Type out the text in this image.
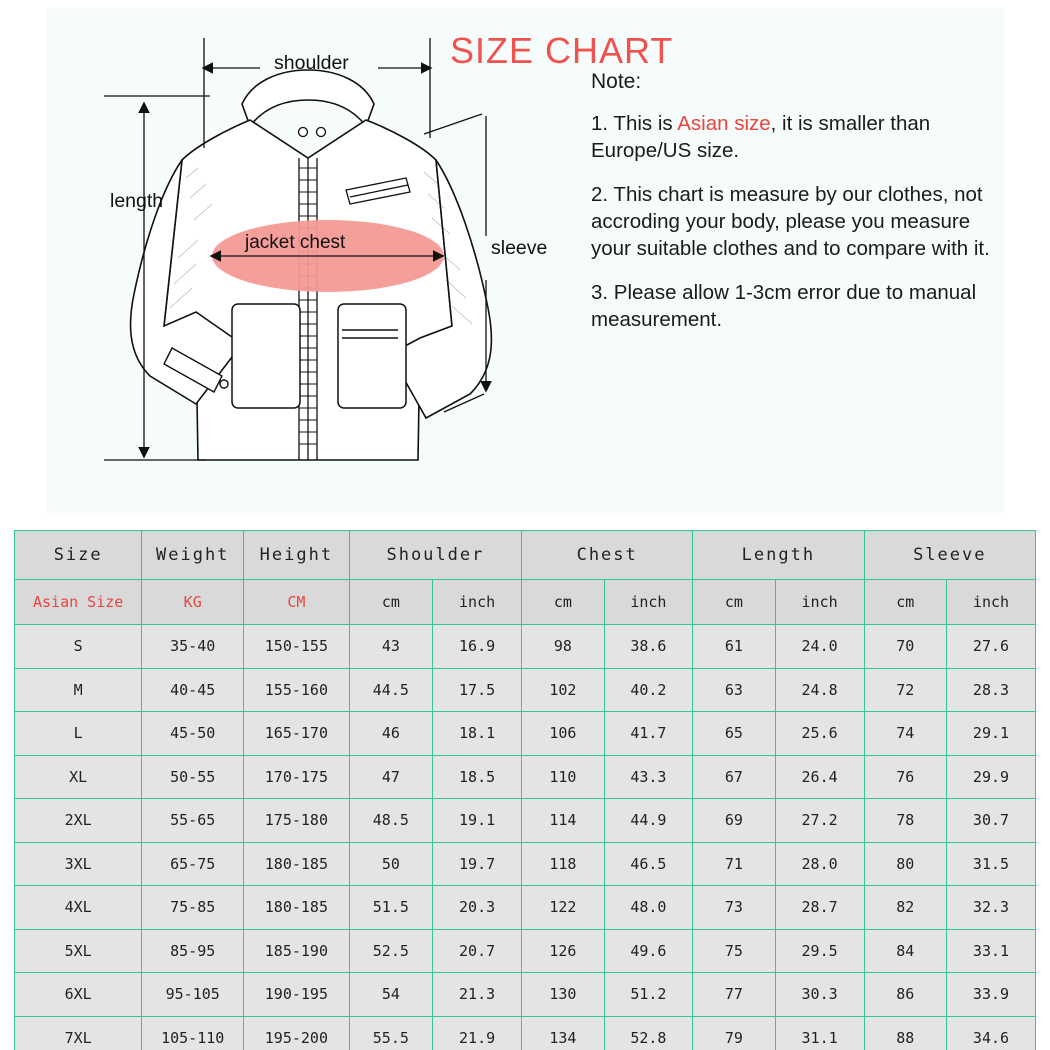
SIZE CHART
shoulder
length
sleeve
jacket chest
Note:
1. This is Asian size, it is smaller than Europe/US size.
2. This chart is measure by our clothes, not accroding your body, please you measure your suitable clothes and to compare with it.
3. Please allow 1-3cm error due to manual measurement.
Size	Weight	Height	Shoulder		Chest		Length		Sleeve	
Asian Size	KG	CM	cm	inch	cm	inch	cm	inch	cm	inch
S	35-40	150-155	43	16.9	98	38.6	61	24.0	70	27.6
M	40-45	155-160	44.5	17.5	102	40.2	63	24.8	72	28.3
L	45-50	165-170	46	18.1	106	41.7	65	25.6	74	29.1
XL	50-55	170-175	47	18.5	110	43.3	67	26.4	76	29.9
2XL	55-65	175-180	48.5	19.1	114	44.9	69	27.2	78	30.7
3XL	65-75	180-185	50	19.7	118	46.5	71	28.0	80	31.5
4XL	75-85	180-185	51.5	20.3	122	48.0	73	28.7	82	32.3
5XL	85-95	185-190	52.5	20.7	126	49.6	75	29.5	84	33.1
6XL	95-105	190-195	54	21.3	130	51.2	77	30.3	86	33.9
7XL	105-110	195-200	55.5	21.9	134	52.8	79	31.1	88	34.6
